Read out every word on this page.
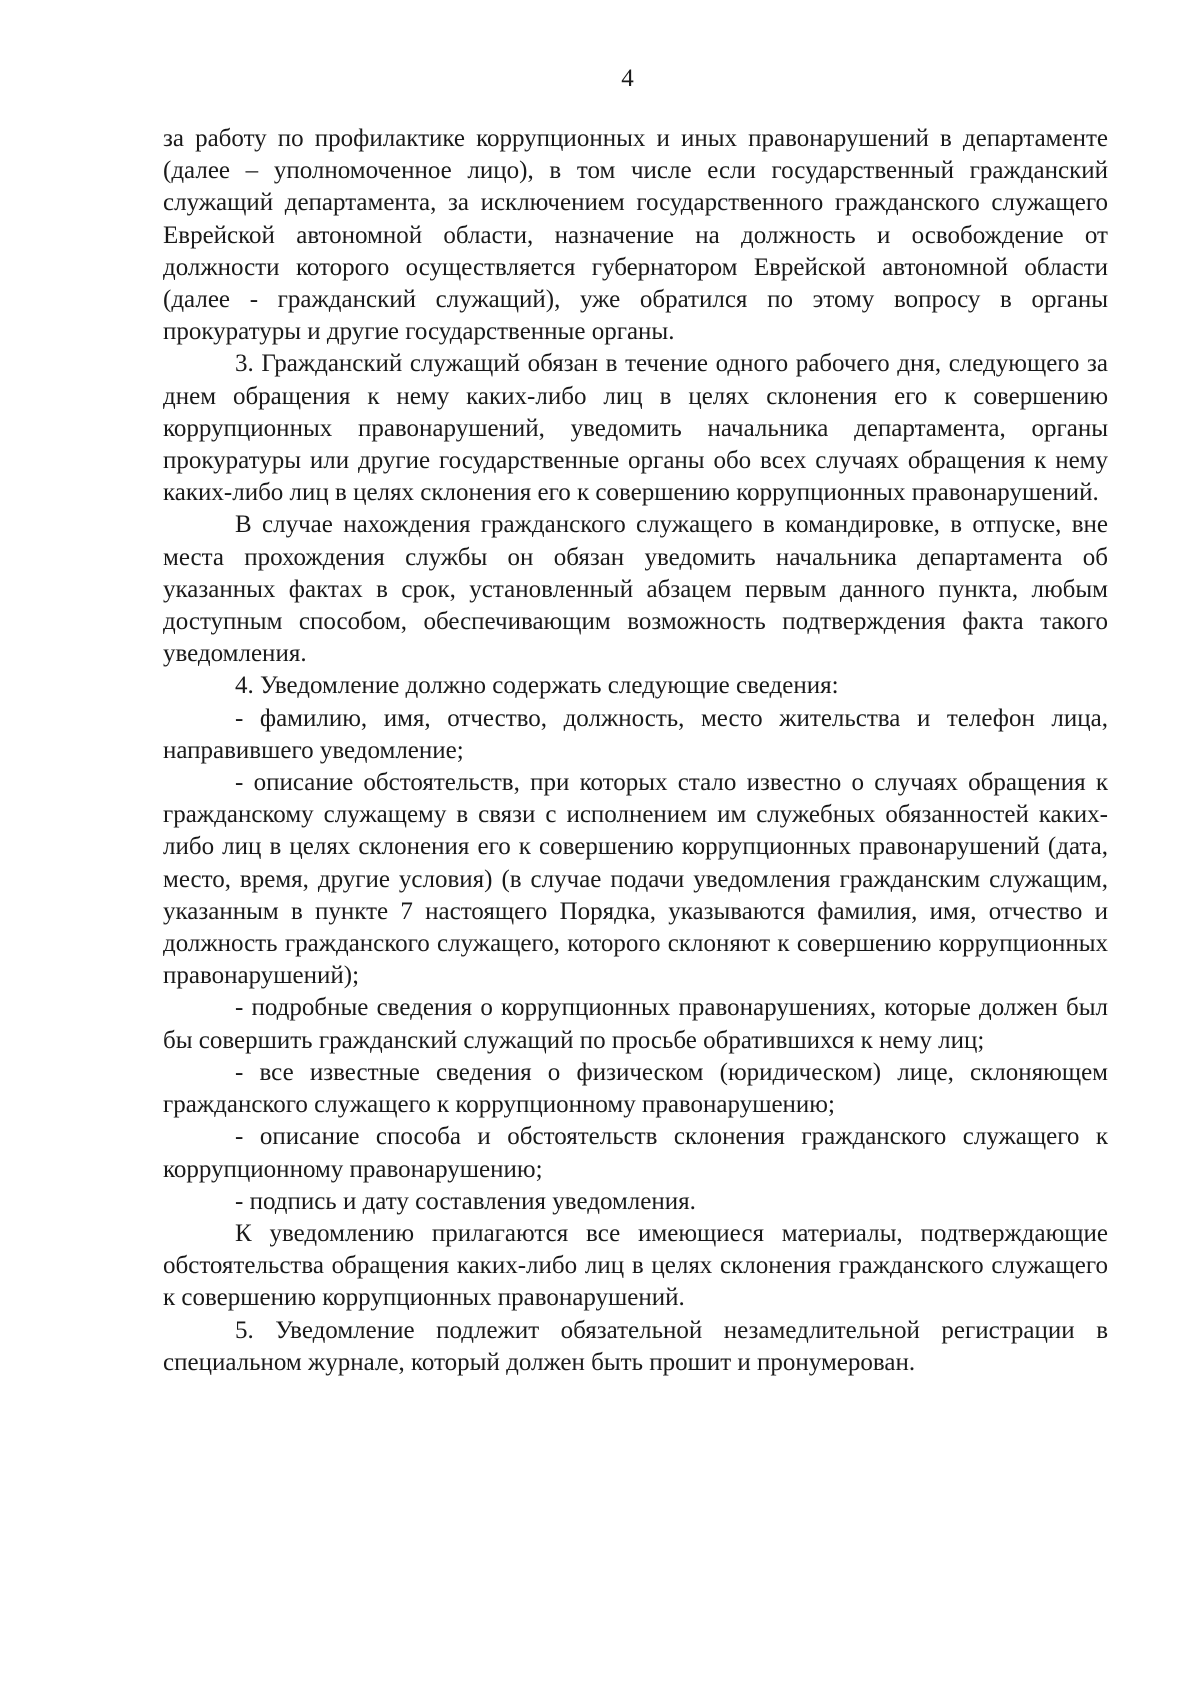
4

за работу по профилактике коррупционных и иных правонарушений в департаменте (далее – уполномоченное лицо), в том числе если государственный гражданский служащий департамента, за исключением государственного гражданского служащего Еврейской автономной области, назначение на должность и освобождение от должности которого осуществляется губернатором Еврейской автономной области (далее - гражданский служащий), уже обратился по этому вопросу в органы прокуратуры и другие государственные органы.

3. Гражданский служащий обязан в течение одного рабочего дня, следующего за днем обращения к нему каких-либо лиц в целях склонения его к совершению коррупционных правонарушений, уведомить начальника департамента, органы прокуратуры или другие государственные органы обо всех случаях обращения к нему каких-либо лиц в целях склонения его к совершению коррупционных правонарушений.

В случае нахождения гражданского служащего в командировке, в отпуске, вне места прохождения службы он обязан уведомить начальника департамента об указанных фактах в срок, установленный абзацем первым данного пункта, любым доступным способом, обеспечивающим возможность подтверждения факта такого уведомления.

4. Уведомление должно содержать следующие сведения:

- фамилию, имя, отчество, должность, место жительства и телефон лица, направившего уведомление;

- описание обстоятельств, при которых стало известно о случаях обращения к гражданскому служащему в связи с исполнением им служебных обязанностей каких-либо лиц в целях склонения его к совершению коррупционных правонарушений (дата, место, время, другие условия) (в случае подачи уведомления гражданским служащим, указанным в пункте 7 настоящего Порядка, указываются фамилия, имя, отчество и должность гражданского служащего, которого склоняют к совершению коррупционных правонарушений);

- подробные сведения о коррупционных правонарушениях, которые должен был бы совершить гражданский служащий по просьбе обратившихся к нему лиц;

- все известные сведения о физическом (юридическом) лице, склоняющем гражданского служащего к коррупционному правонарушению;

- описание способа и обстоятельств склонения гражданского служащего к коррупционному правонарушению;

- подпись и дату составления уведомления.

К уведомлению прилагаются все имеющиеся материалы, подтверждающие обстоятельства обращения каких-либо лиц в целях склонения гражданского служащего к совершению коррупционных правонарушений.

5. Уведомление подлежит обязательной незамедлительной регистрации в специальном журнале, который должен быть прошит и пронумерован.
